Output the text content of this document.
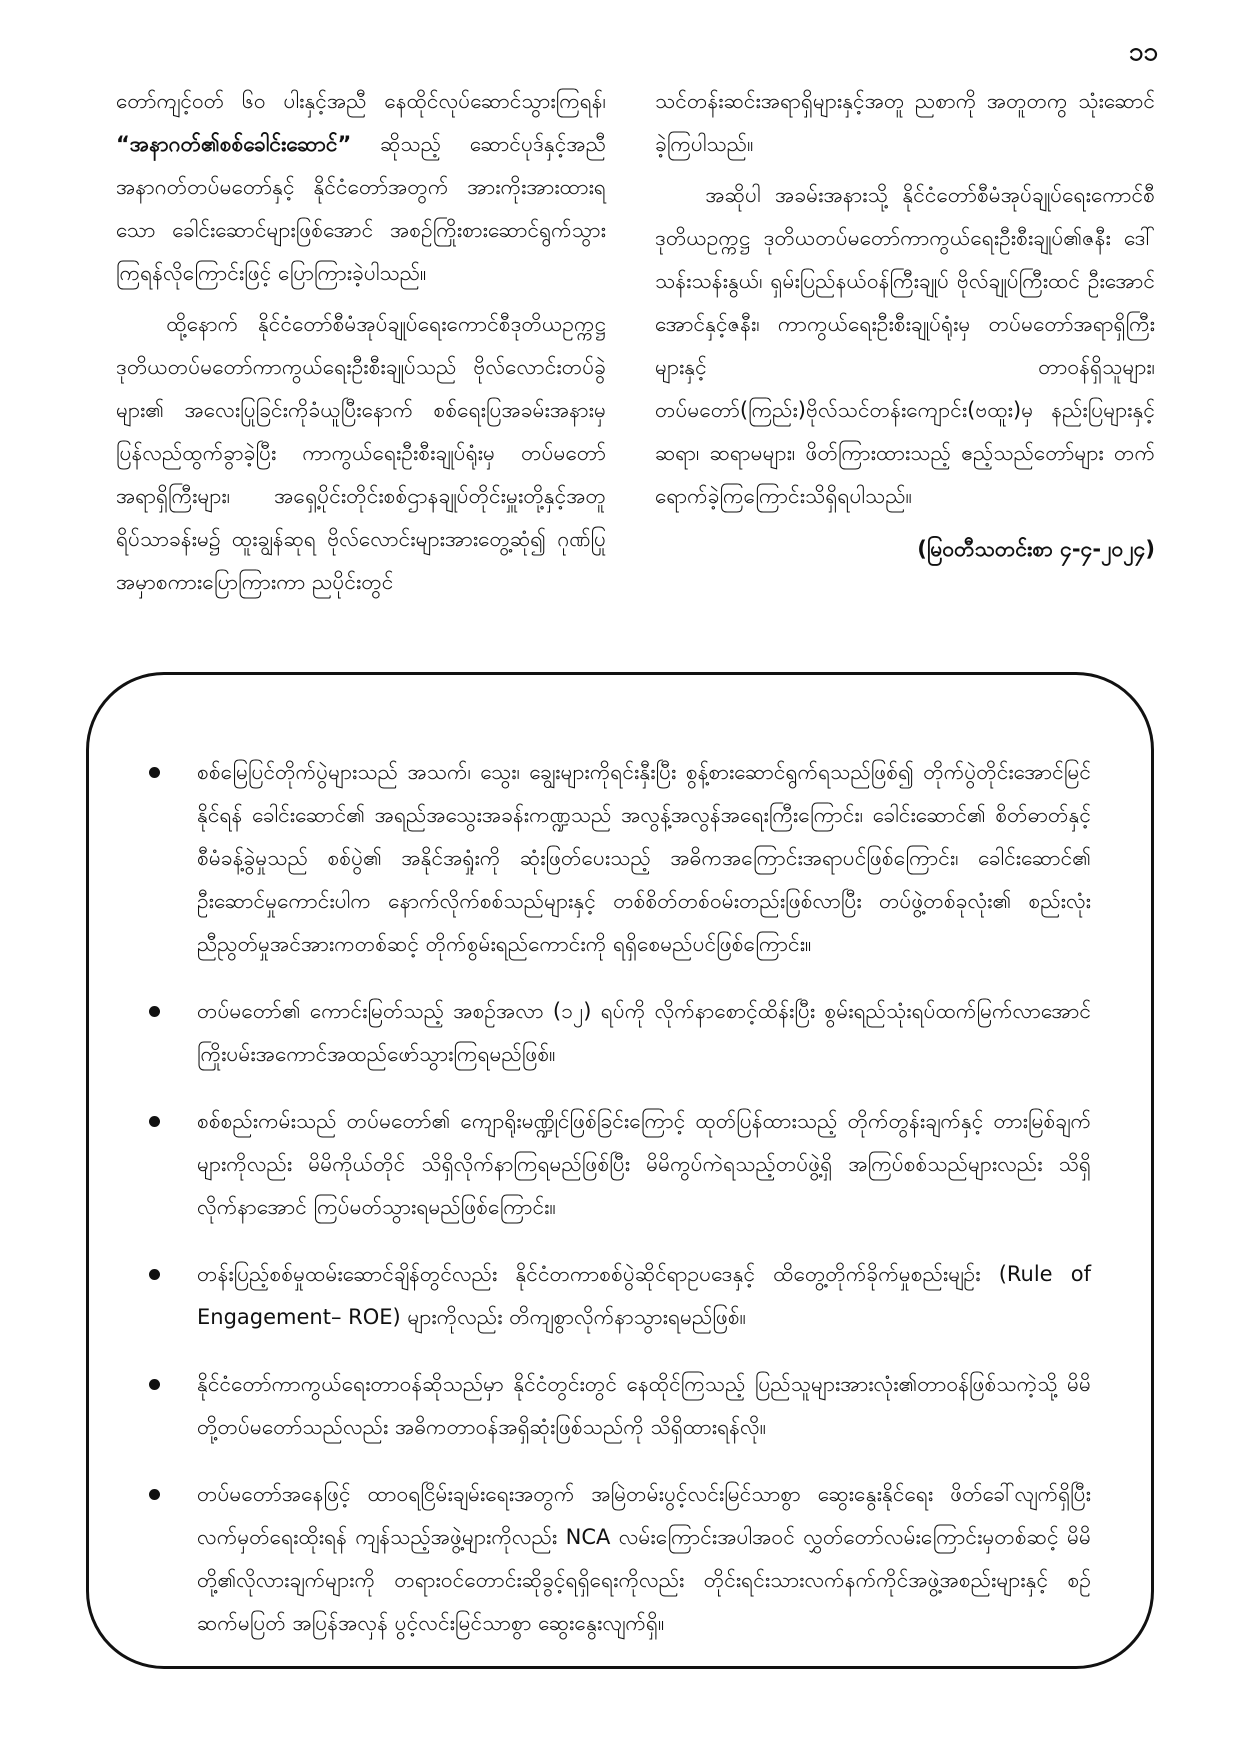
၁၁

တော်ကျင့်ဝတ် ၆၀ ပါးနှင့်အညီ နေထိုင်လုပ်ဆောင်သွားကြရန်၊ “အနာဂတ်၏စစ်ခေါင်းဆောင်” ဆိုသည့် ဆောင်ပုဒ်နှင့်အညီ အနာဂတ်တပ်မတော်နှင့် နိုင်ငံတော်အတွက် အားကိုးအားထားရသော ခေါင်းဆောင်များဖြစ်အောင် အစဉ်ကြိုးစားဆောင်ရွက်သွားကြရန်လိုကြောင်းဖြင့် ပြောကြားခဲ့ပါသည်။

ထို့နောက် နိုင်ငံတော်စီမံအုပ်ချုပ်ရေးကောင်စီဒုတိယဥက္ကဋ္ဌ ဒုတိယတပ်မတော်ကာကွယ်ရေးဦးစီးချုပ်သည် ဗိုလ်လောင်းတပ်ခွဲများ၏ အလေးပြုခြင်းကိုခံယူပြီးနောက် စစ်ရေးပြအခမ်းအနားမှ ပြန်လည်ထွက်ခွာခဲ့ပြီး ကာကွယ်ရေးဦးစီးချုပ်ရုံးမှ တပ်မတော်အရာရှိကြီးများ၊ အရှေ့ပိုင်းတိုင်းစစ်ဌာနချုပ်တိုင်းမှူးတို့နှင့်အတူ ရိပ်သာခန်းမ၌ ထူးချွန်ဆုရ ဗိုလ်လောင်းများအားတွေ့ဆုံ၍ ဂုဏ်ပြုအမှာစကားပြောကြားကာ ညပိုင်းတွင်

သင်တန်းဆင်းအရာရှိများနှင့်အတူ ညစာကို အတူတကွ သုံးဆောင်ခဲ့ကြပါသည်။

အဆိုပါ အခမ်းအနားသို့ နိုင်ငံတော်စီမံအုပ်ချုပ်ရေးကောင်စီဒုတိယဥက္ကဋ္ဌ ဒုတိယတပ်မတော်ကာကွယ်ရေးဦးစီးချုပ်၏ဇနီး ဒေါ်သန်းသန်းနွယ်၊ ရှမ်းပြည်နယ်ဝန်ကြီးချုပ် ဗိုလ်ချုပ်ကြီးထင် ဦးအောင်အောင်နှင့်ဇနီး၊ ကာကွယ်ရေးဦးစီးချုပ်ရုံးမှ တပ်မတော်အရာရှိကြီးများနှင့် တာဝန်ရှိသူများ၊ တပ်မတော်(ကြည်း)ဗိုလ်သင်တန်းကျောင်း(ဗထူး)မှ နည်းပြများနှင့် ဆရာ၊ ဆရာမများ၊ ဖိတ်ကြားထားသည့် ဧည့်သည်တော်များ တက်ရောက်ခဲ့ကြကြောင်းသိရှိရပါသည်။

(မြဝတီသတင်းစာ ၄-၄-၂၀၂၄)

စစ်မြေပြင်တိုက်ပွဲများသည် အသက်၊ သွေး၊ ချွေးများကိုရင်းနှီးပြီး စွန့်စားဆောင်ရွက်ရသည်ဖြစ်၍ တိုက်ပွဲတိုင်းအောင်မြင်နိုင်ရန် ခေါင်းဆောင်၏ အရည်အသွေးအခန်းကဏ္ဍသည် အလွန့်အလွန်အရေးကြီးကြောင်း၊ ခေါင်းဆောင်၏ စိတ်ဓာတ်နှင့် စီမံခန့်ခွဲမှုသည် စစ်ပွဲ၏ အနိုင်အရှုံးကို ဆုံးဖြတ်ပေးသည့် အဓိကအကြောင်းအရာပင်ဖြစ်ကြောင်း၊ ခေါင်းဆောင်၏ ဦးဆောင်မှုကောင်းပါက နောက်လိုက်စစ်သည်များနှင့် တစ်စိတ်တစ်ဝမ်းတည်းဖြစ်လာပြီး တပ်ဖွဲ့တစ်ခုလုံး၏ စည်းလုံးညီညွတ်မှုအင်အားကတစ်ဆင့် တိုက်စွမ်းရည်ကောင်းကို ရရှိစေမည်ပင်ဖြစ်ကြောင်း။
တပ်မတော်၏ ကောင်းမြတ်သည့် အစဉ်အလာ (၁၂) ရပ်ကို လိုက်နာစောင့်ထိန်းပြီး စွမ်းရည်သုံးရပ်ထက်မြက်လာအောင် ကြိုးပမ်းအကောင်အထည်ဖော်သွားကြရမည်ဖြစ်။
စစ်စည်းကမ်းသည် တပ်မတော်၏ ကျောရိုးမဏ္ဍိုင်ဖြစ်ခြင်းကြောင့် ထုတ်ပြန်ထားသည့် တိုက်တွန်းချက်နှင့် တားမြစ်ချက်များကိုလည်း မိမိကိုယ်တိုင် သိရှိလိုက်နာကြရမည်ဖြစ်ပြီး မိမိကွပ်ကဲရသည့်တပ်ဖွဲ့ရှိ အကြပ်စစ်သည်များလည်း သိရှိလိုက်နာအောင် ကြပ်မတ်သွားရမည်ဖြစ်ကြောင်း။
တန်းပြည့်စစ်မှုထမ်းဆောင်ချိန်တွင်လည်း နိုင်ငံတကာစစ်ပွဲဆိုင်ရာဥပဒေနှင့် ထိတွေ့တိုက်ခိုက်မှုစည်းမျဉ်း (Rule of Engagement– ROE) များကိုလည်း တိကျစွာလိုက်နာသွားရမည်ဖြစ်။
နိုင်ငံတော်ကာကွယ်ရေးတာဝန်ဆိုသည်မှာ နိုင်ငံတွင်းတွင် နေထိုင်ကြသည့် ပြည်သူများအားလုံး၏တာဝန်ဖြစ်သကဲ့သို့ မိမိတို့တပ်မတော်သည်လည်း အဓိကတာဝန်အရှိဆုံးဖြစ်သည်ကို သိရှိထားရန်လို။
တပ်မတော်အနေဖြင့် ထာဝရငြိမ်းချမ်းရေးအတွက် အမြဲတမ်းပွင့်လင်းမြင်သာစွာ ဆွေးနွေးနိုင်ရေး ဖိတ်ခေါ်လျက်ရှိပြီး လက်မှတ်ရေးထိုးရန် ကျန်သည့်အဖွဲ့များကိုလည်း NCA လမ်းကြောင်းအပါအဝင် လွှတ်တော်လမ်းကြောင်းမှတစ်ဆင့် မိမိတို့၏လိုလားချက်များကို တရားဝင်တောင်းဆိုခွင့်ရရှိရေးကိုလည်း တိုင်းရင်းသားလက်နက်ကိုင်အဖွဲ့အစည်းများနှင့် စဉ်ဆက်မပြတ် အပြန်အလှန် ပွင့်လင်းမြင်သာစွာ ဆွေးနွေးလျက်ရှိ။
